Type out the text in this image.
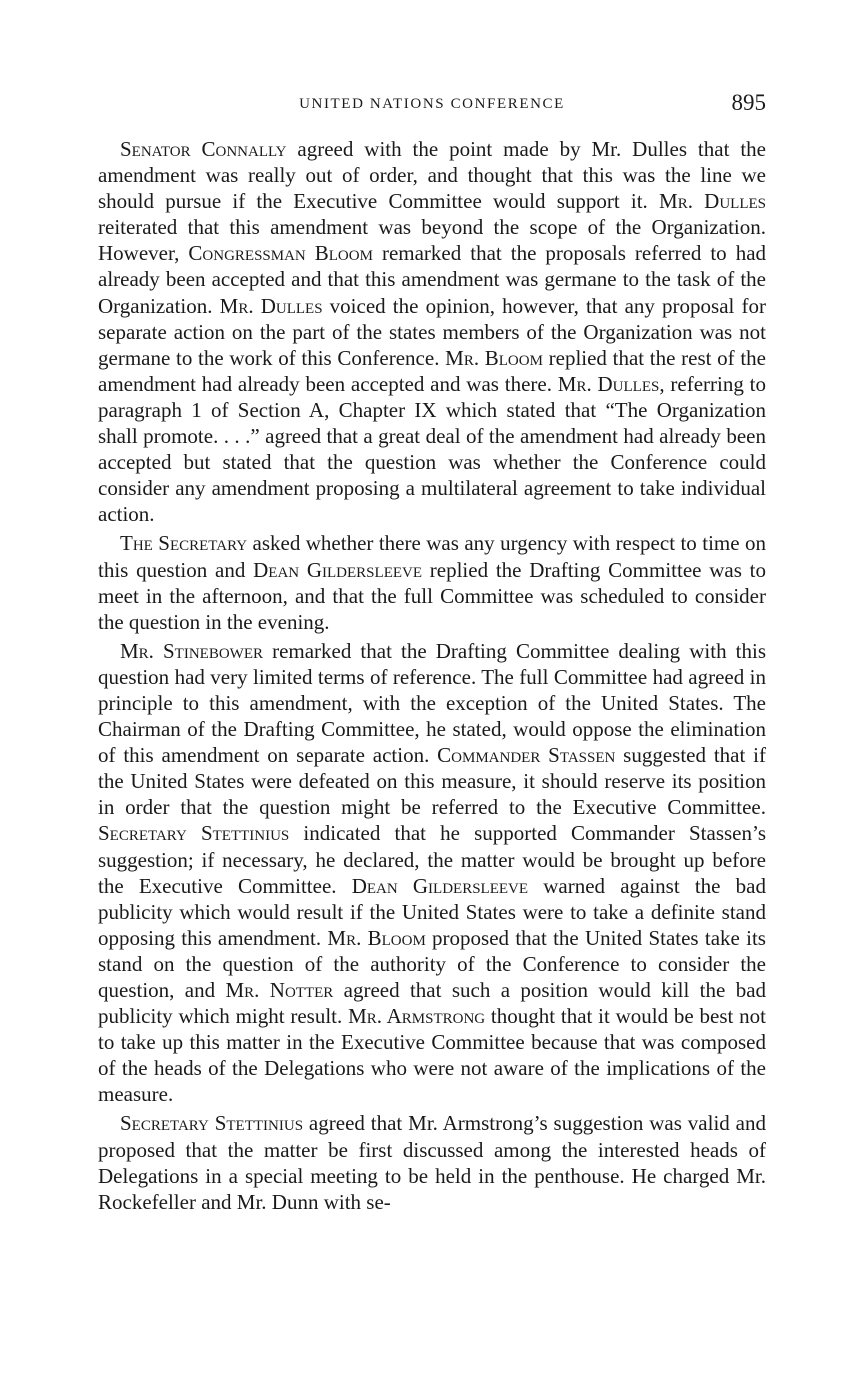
UNITED NATIONS CONFERENCE	895

Senator Connally agreed with the point made by Mr. Dulles that the amendment was really out of order, and thought that this was the line we should pursue if the Executive Committee would support it. Mr. Dulles reiterated that this amendment was beyond the scope of the Organization. However, Congressman Bloom remarked that the proposals referred to had already been accepted and that this amendment was germane to the task of the Organization. Mr. Dulles voiced the opinion, however, that any proposal for separate action on the part of the states members of the Organization was not germane to the work of this Conference. Mr. Bloom replied that the rest of the amendment had already been accepted and was there. Mr. Dulles, referring to paragraph 1 of Section A, Chapter IX which stated that “The Organization shall promote. . . .” agreed that a great deal of the amendment had already been accepted but stated that the question was whether the Conference could consider any amendment proposing a multilateral agreement to take individual action.

The Secretary asked whether there was any urgency with respect to time on this question and Dean Gildersleeve replied the Drafting Committee was to meet in the afternoon, and that the full Committee was scheduled to consider the question in the evening.

Mr. Stinebower remarked that the Drafting Committee dealing with this question had very limited terms of reference. The full Committee had agreed in principle to this amendment, with the exception of the United States. The Chairman of the Drafting Committee, he stated, would oppose the elimination of this amendment on separate action. Commander Stassen suggested that if the United States were defeated on this measure, it should reserve its position in order that the question might be referred to the Executive Committee. Secretary Stettinius indicated that he supported Commander Stassen’s suggestion; if necessary, he declared, the matter would be brought up before the Executive Committee. Dean Gildersleeve warned against the bad publicity which would result if the United States were to take a definite stand opposing this amendment. Mr. Bloom proposed that the United States take its stand on the question of the authority of the Conference to consider the question, and Mr. Notter agreed that such a position would kill the bad publicity which might result. Mr. Armstrong thought that it would be best not to take up this matter in the Executive Committee because that was composed of the heads of the Delegations who were not aware of the implications of the measure.

Secretary Stettinius agreed that Mr. Armstrong’s suggestion was valid and proposed that the matter be first discussed among the interested heads of Delegations in a special meeting to be held in the penthouse. He charged Mr. Rockefeller and Mr. Dunn with se-
